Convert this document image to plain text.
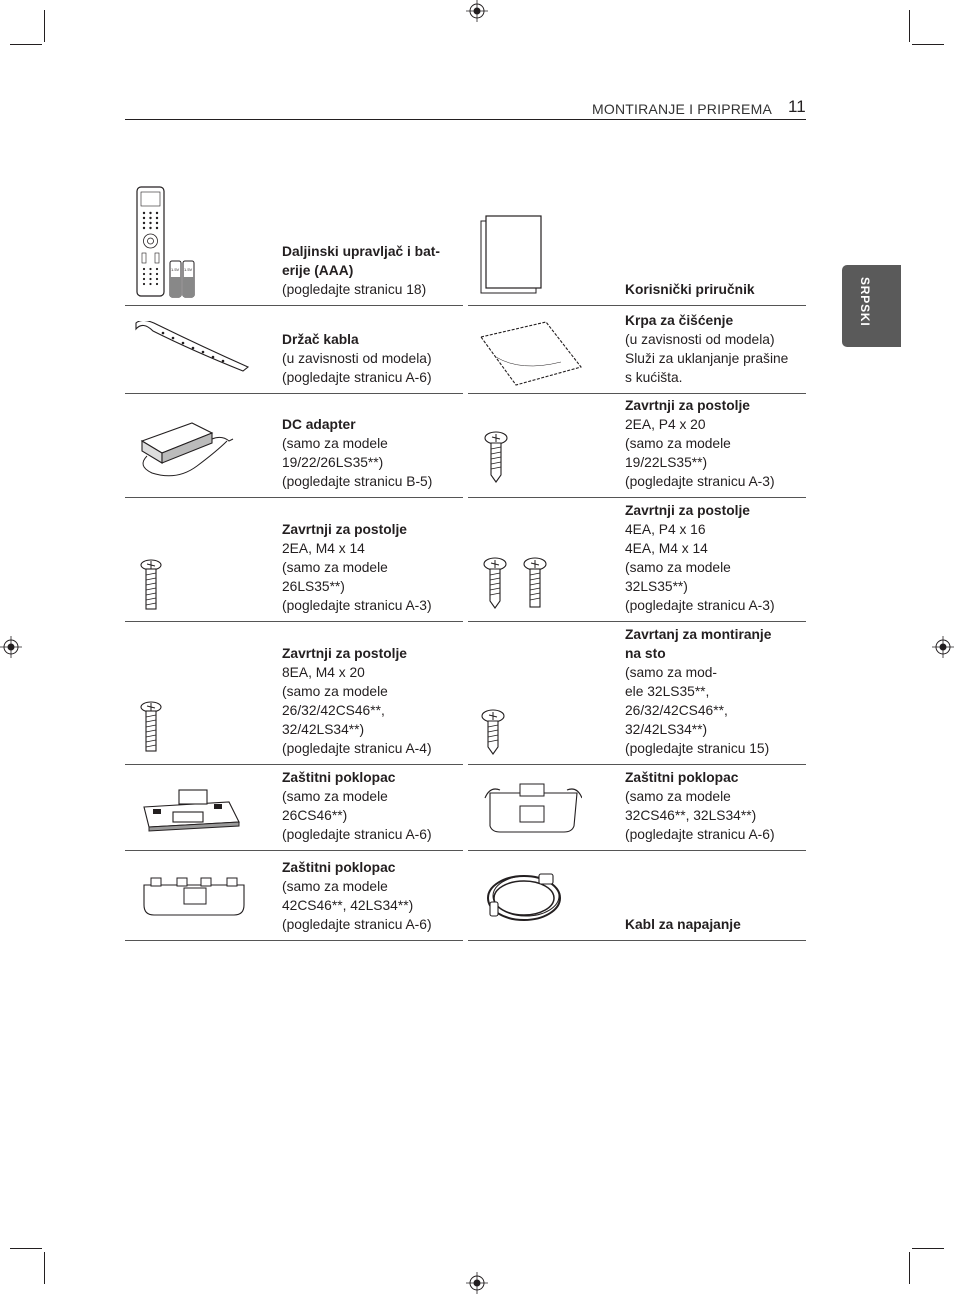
MONTIRANJE I PRIPREMA 11
SRPSKI
1.5V 1.5V

Daljinski upravljač i bat-

erije (AAA)

(pogledajte stranicu 18)

Držač kabla

(u zavisnosti od modela)

(pogledajte stranicu A-6)

DC adapter

(samo za modele

19/22/26LS35**)

(pogledajte stranicu B-5)

Zavrtnji za postolje

2EA, M4 x 14

(samo za modele

26LS35**)

(pogledajte stranicu A-3)

Zavrtnji za postolje

8EA, M4 x 20

(samo za modele

26/32/42CS46**,

32/42LS34**)

(pogledajte stranicu A-4)

Zaštitni poklopac

(samo za modele

26CS46**)

(pogledajte stranicu A-6)

Zaštitni poklopac

(samo za modele

42CS46**, 42LS34**)

(pogledajte stranicu A-6)

Korisnički priručnik

Krpa za čišćenje

(u zavisnosti od modela)

Služi za uklanjanje prašine

s kućišta.

Zavrtnji za postolje

2EA, P4 x 20

(samo za modele

19/22LS35**)

(pogledajte stranicu A-3)

Zavrtnji za postolje

4EA, P4 x 16

4EA, M4 x 14

(samo za modele

32LS35**)

(pogledajte stranicu A-3)

Zavrtanj za montiranje

na sto

(samo za mod-

ele 32LS35**,

26/32/42CS46**,

32/42LS34**)

(pogledajte stranicu 15)

Zaštitni poklopac

(samo za modele

32CS46**, 32LS34**)

(pogledajte stranicu A-6)

Kabl za napajanje
